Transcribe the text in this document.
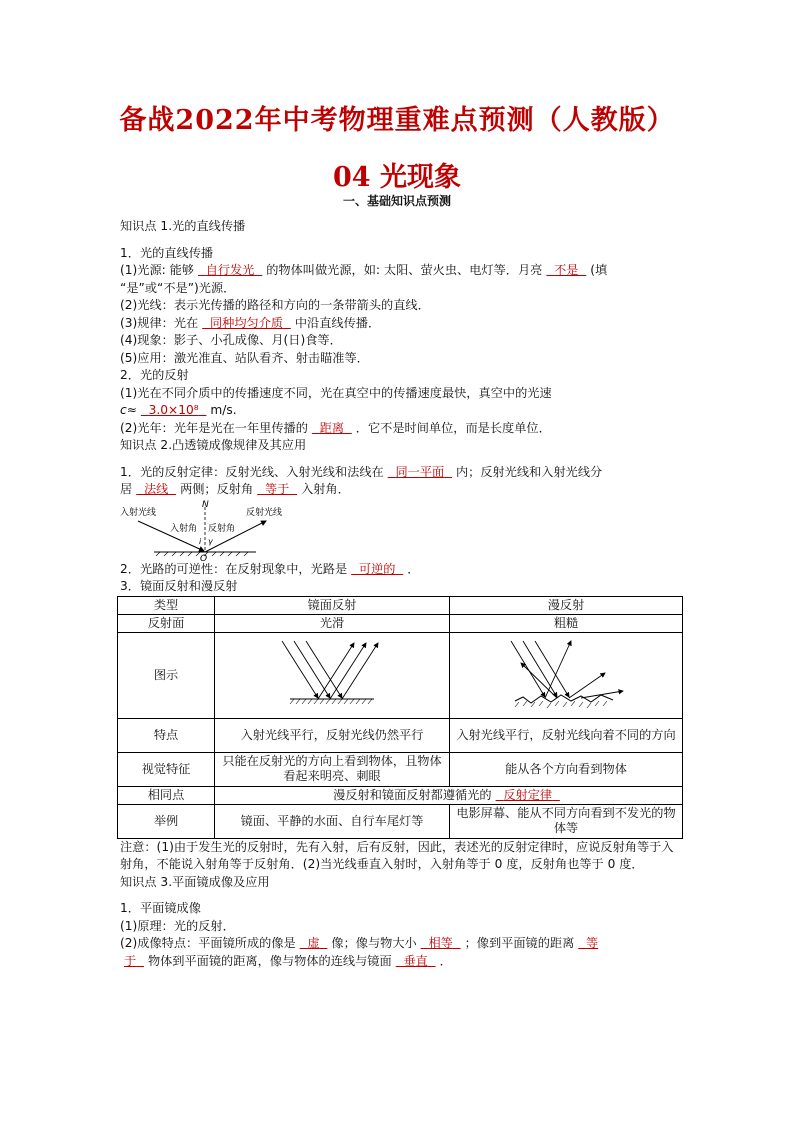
备战2022年中考物理重难点预测（人教版）
04 光现象
一、基础知识点预测

知识点 1.光的直线传播

1．光的直线传播

(1)光源: 能够 自行发光 的物体叫做光源，如: 太阳、萤火虫、电灯等．月亮 不是 (填

“是”或“不是”)光源．

(2)光线：表示光传播的路径和方向的一条带箭头的直线．

(3)规律：光在 同种均匀介质 中沿直线传播．

(4)现象：影子、小孔成像、月(日)食等．

(5)应用：激光准直、站队看齐、射击瞄准等．

2．光的反射

(1)光在不同介质中的传播速度不同，光在真空中的传播速度最快，真空中的光速

c≈ 3.0×10⁸ m/s.

(2)光年：光年是光在一年里传播的 距离 ．它不是时间单位，而是长度单位．

知识点 2.凸透镜成像规律及其应用

1．光的反射定律：反射光线、入射光线和法线在 同一平面 内；反射光线和入射光线分

居 法线 两侧；反射角 等于 入射角．

N
O
入射光线	反射光线
入射角 反射角
i γ

2．光路的可逆性：在反射现象中，光路是 可逆的 ．

3．镜面反射和漫反射

类型	镜面反射	漫反射
反射面	光滑	粗糙
图示		
特点	入射光线平行，反射光线仍然平行	入射光线平行，反射光线向着不同的方向
视觉特征	只能在反射光的方向上看到物体，且物体看起来明亮、刺眼	能从各个方向看到物体
相同点	漫反射和镜面反射都遵循光的 反射定律	
举例	镜面、平静的水面、自行车尾灯等	电影屏幕、能从不同方向看到不发光的物体等

注意：(1)由于发生光的反射时，先有入射，后有反射，因此，表述光的反射定律时，应说反射角等于入射角，不能说入射角等于反射角．(2)当光线垂直入射时，入射角等于 0 度，反射角也等于 0 度．

知识点 3.平面镜成像及应用

1．平面镜成像

(1)原理：光的反射．

(2)成像特点：平面镜所成的像是 虚 像；像与物大小 相等 ；像到平面镜的距离 等

于 物体到平面镜的距离，像与物体的连线与镜面 垂直 ．
